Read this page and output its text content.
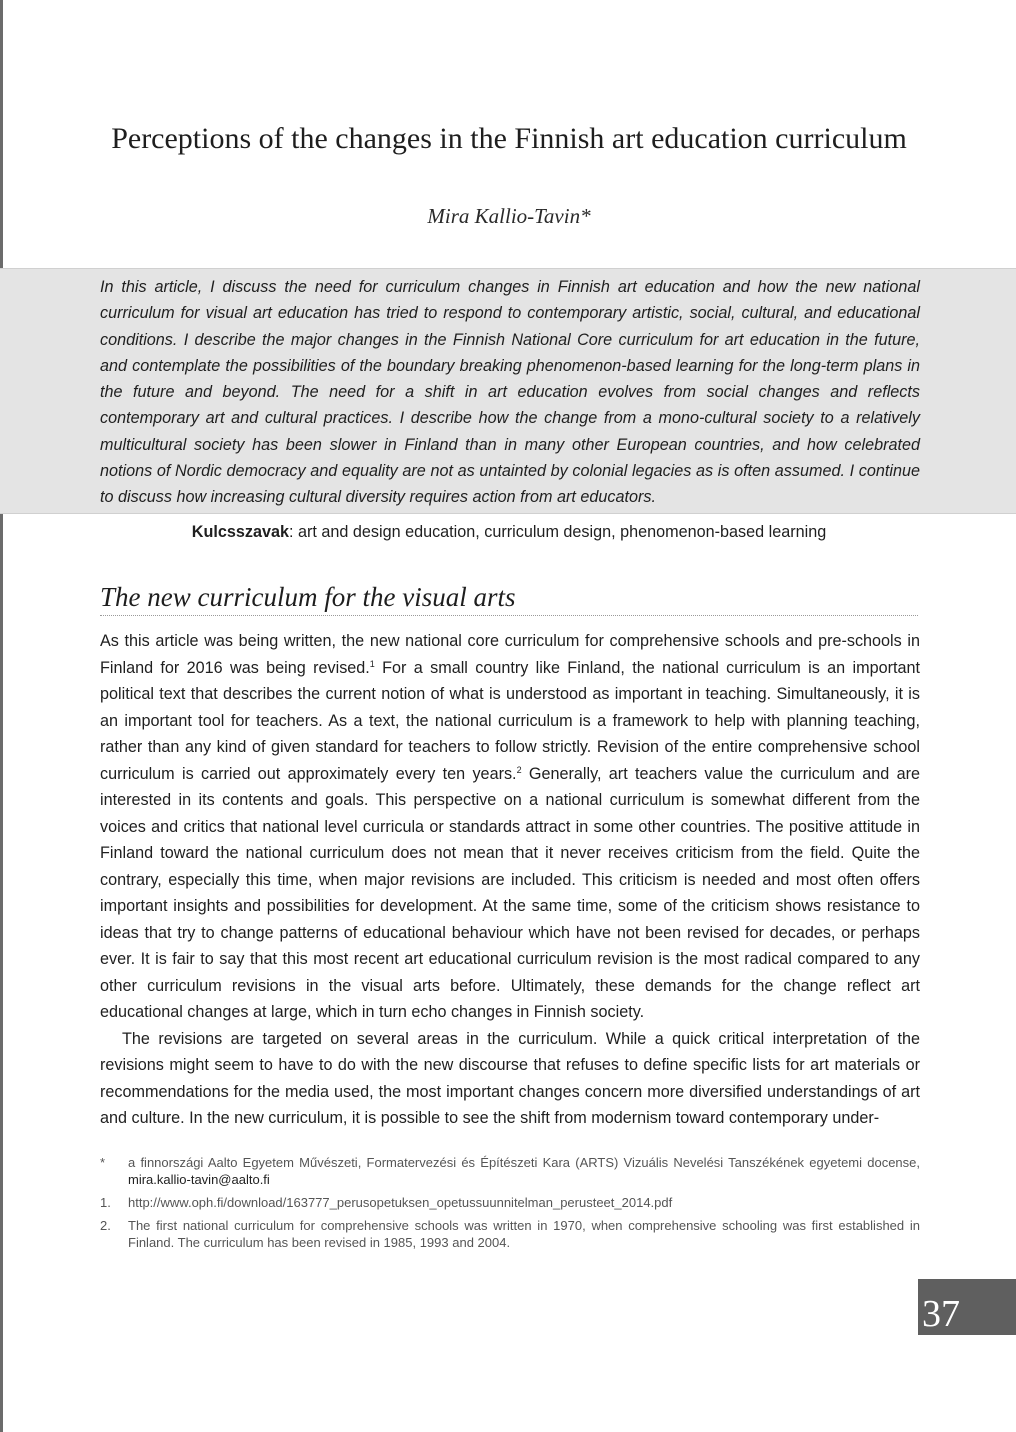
Perceptions of the changes in the Finnish art education curriculum
Mira Kallio-Tavin*

In this article, I discuss the need for curriculum changes in Finnish art education and how the new national curriculum for visual art education has tried to respond to contemporary artistic, social, cultural, and educational conditions. I describe the major changes in the Finnish National Core curriculum for art education in the future, and contemplate the possibilities of the boundary breaking phenomenon-based learning for the long-term plans in the future and beyond. The need for a shift in art education evolves from social changes and reflects contemporary art and cultural practices. I describe how the change from a mono-cultural society to a relatively multicultural society has been slower in Finland than in many other European countries, and how celebrated notions of Nordic democracy and equality are not as untainted by colonial legacies as is often assumed. I continue to discuss how increasing cultural diversity requires action from art educators.

Kulcsszavak: art and design education, curriculum design, phenomenon-based learning
The new curriculum for the visual arts

As this article was being written, the new national core curriculum for comprehensive schools and pre-schools in Finland for 2016 was being revised.$^1$ For a small country like Finland, the national curriculum is an important political text that describes the current notion of what is understood as important in teaching. Simultaneously, it is an important tool for teachers. As a text, the national curriculum is a framework to help with planning teaching, rather than any kind of given standard for teachers to follow strictly. Revision of the entire comprehensive school curriculum is carried out approximately every ten years.$^2$ Generally, art teachers value the curriculum and are interested in its contents and goals. This perspective on a national curriculum is somewhat different from the voices and critics that national level curricula or standards attract in some other countries. The positive attitude in Finland toward the national curriculum does not mean that it never receives criticism from the field. Quite the contrary, especially this time, when major revisions are included. This criticism is needed and most often offers important insights and possibilities for development. At the same time, some of the criticism shows resistance to ideas that try to change patterns of educational behaviour which have not been revised for decades, or perhaps ever. It is fair to say that this most recent art educational curriculum revision is the most radical compared to any other curriculum revisions in the visual arts before. Ultimately, these demands for the change reflect art educational changes at large, which in turn echo changes in Finnish society.

The revisions are targeted on several areas in the curriculum. While a quick critical interpretation of the revisions might seem to have to do with the new discourse that refuses to define specific lists for art materials or recommendations for the media used, the most important changes concern more diversified understandings of art and culture. In the new curriculum, it is possible to see the shift from modernism toward contemporary under-

*	a finnországi Aalto Egyetem Művészeti, Formatervezési és Építészeti Kara (ARTS) Vizuális Nevelési Tanszékének egyetemi docense, mira.kallio-tavin@aalto.fi
1.	http://www.oph.fi/download/163777_perusopetuksen_opetussuunnitelman_perusteet_2014.pdf
2.	The first national curriculum for comprehensive schools was written in 1970, when comprehensive schooling was first established in Finland. The curriculum has been revised in 1985, 1993 and 2004.
37
